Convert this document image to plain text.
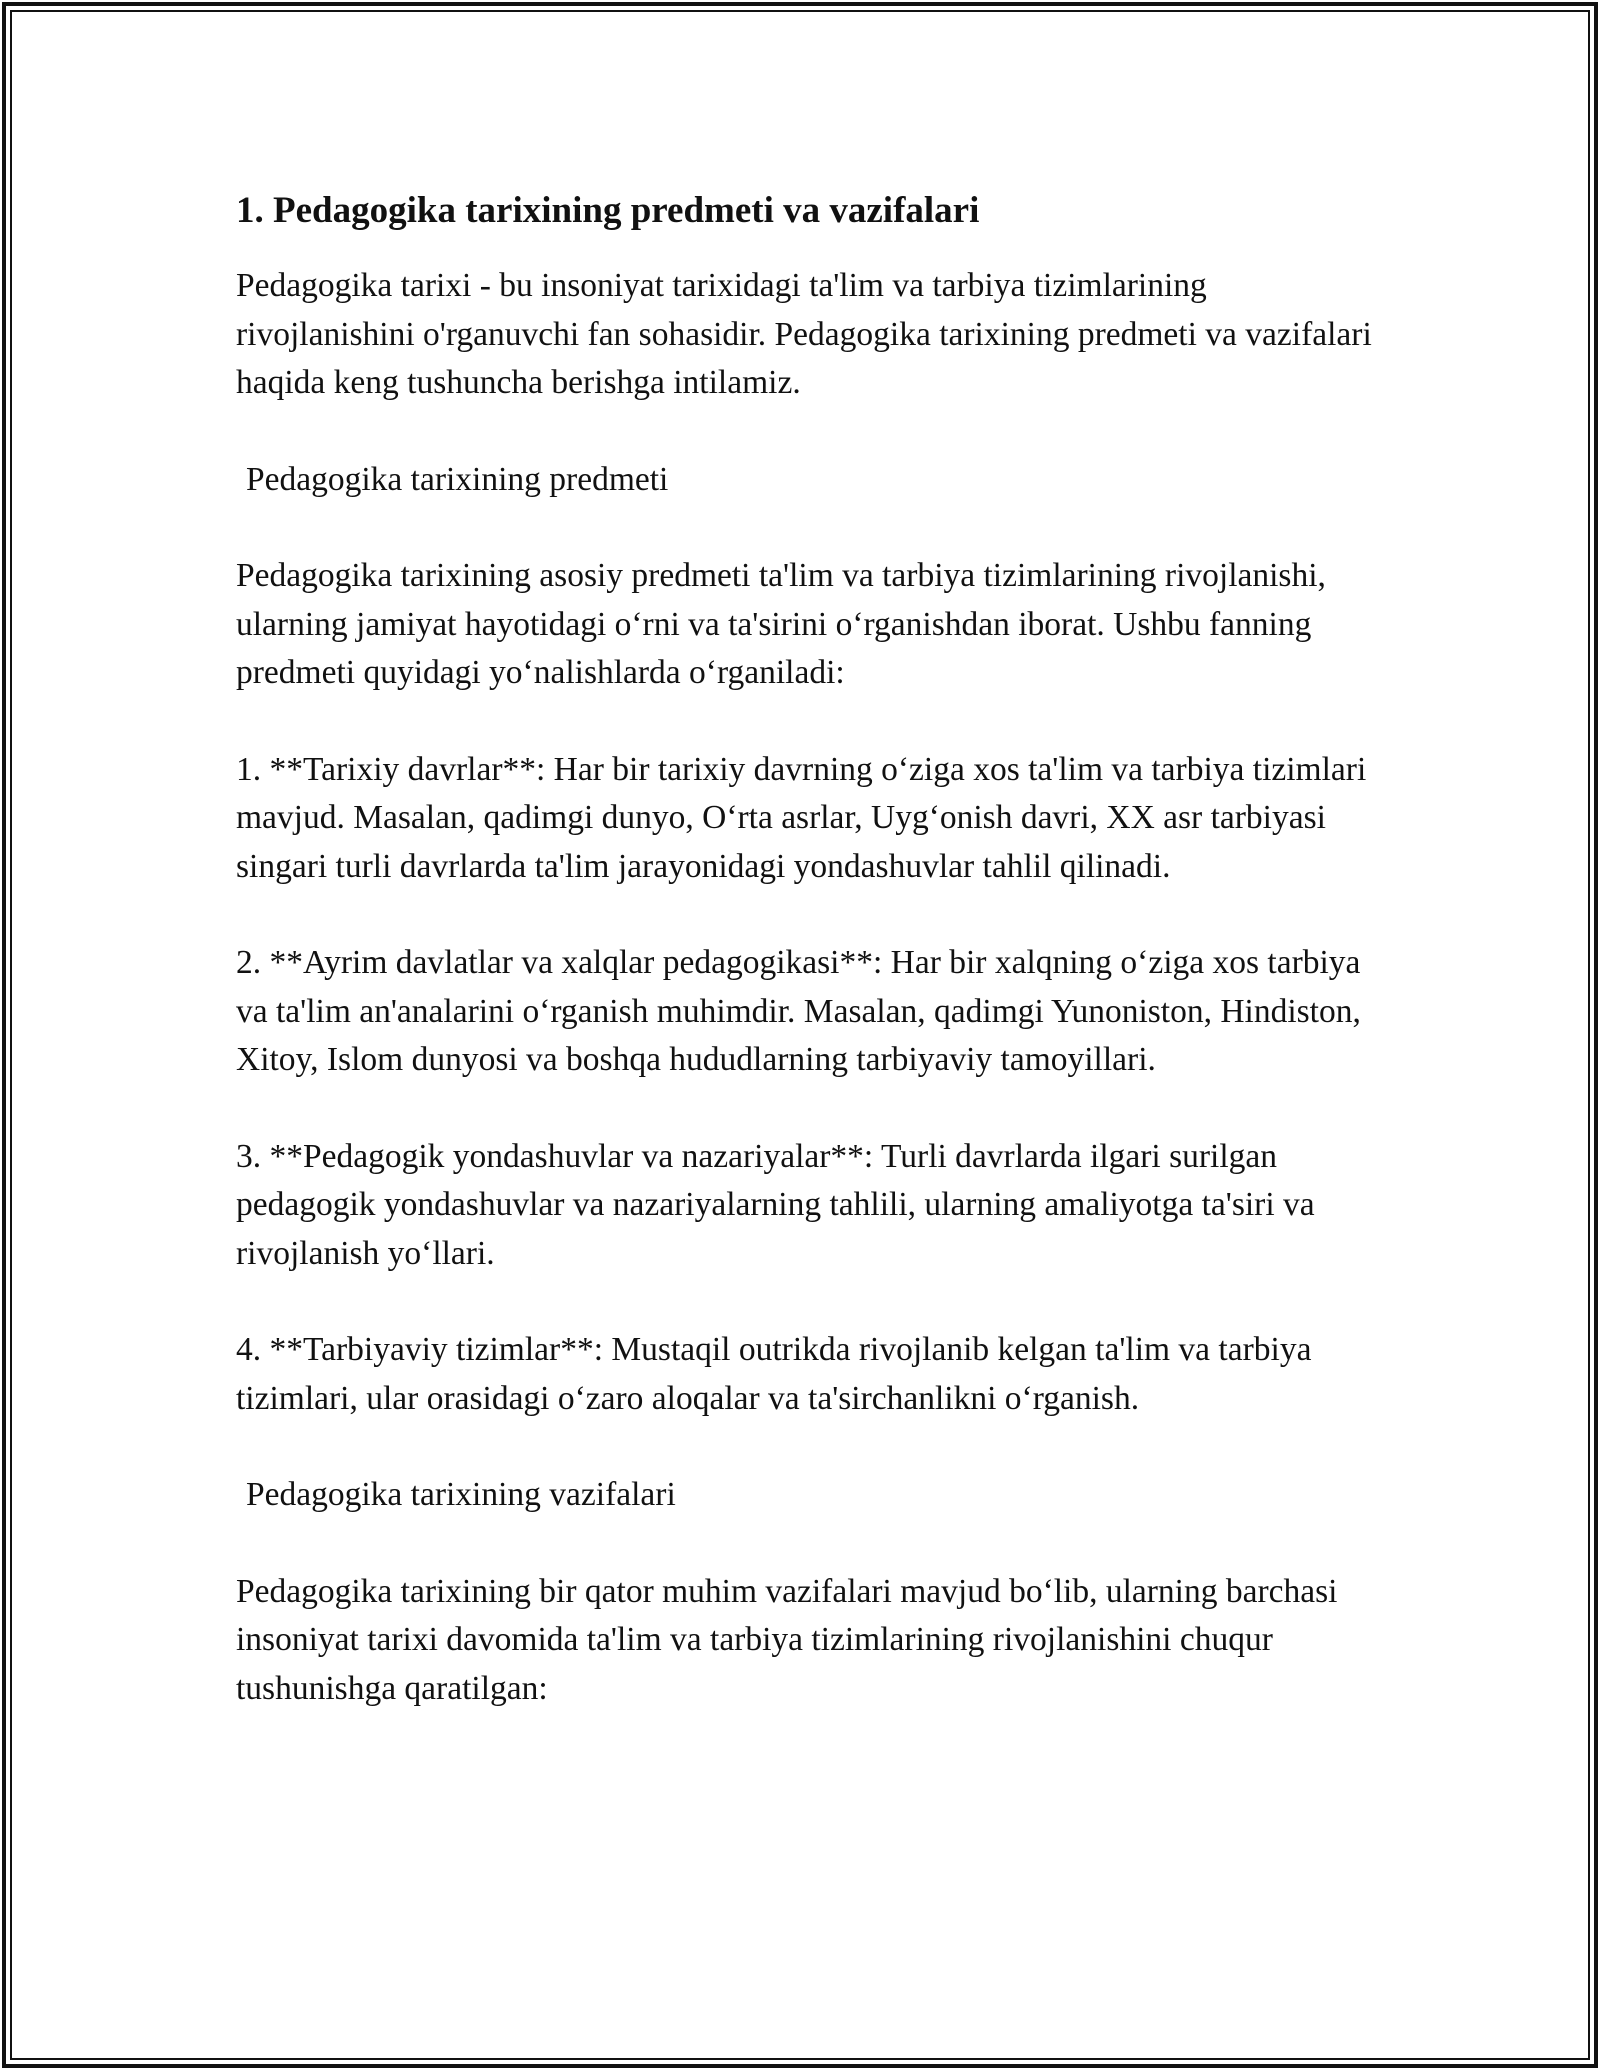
1. Pedagogika tarixining predmeti va vazifalari

Pedagogika tarixi - bu insoniyat tarixidagi ta'lim va tarbiya tizimlarining rivojlanishini o'rganuvchi fan sohasidir. Pedagogika tarixining predmeti va vazifalari haqida keng tushuncha berishga intilamiz.

Pedagogika tarixining predmeti

Pedagogika tarixining asosiy predmeti ta'lim va tarbiya tizimlarining rivojlanishi, ularning jamiyat hayotidagi oʻrni va ta'sirini oʻrganishdan iborat. Ushbu fanning predmeti quyidagi yoʻnalishlarda oʻrganiladi:

1. **Tarixiy davrlar**: Har bir tarixiy davrning oʻziga xos ta'lim va tarbiya tizimlari mavjud. Masalan, qadimgi dunyo, Oʻrta asrlar, Uygʻonish davri, XX asr tarbiyasi singari turli davrlarda ta'lim jarayonidagi yondashuvlar tahlil qilinadi.

2. **Ayrim davlatlar va xalqlar pedagogikasi**: Har bir xalqning oʻziga xos tarbiya va ta'lim an'analarini oʻrganish muhimdir. Masalan, qadimgi Yunoniston, Hindiston, Xitoy, Islom dunyosi va boshqa hududlarning tarbiyaviy tamoyillari.

3. **Pedagogik yondashuvlar va nazariyalar**: Turli davrlarda ilgari surilgan pedagogik yondashuvlar va nazariyalarning tahlili, ularning amaliyotga ta'siri va rivojlanish yoʻllari.

4. **Tarbiyaviy tizimlar**: Mustaqil outrikda rivojlanib kelgan ta'lim va tarbiya tizimlari, ular orasidagi oʻzaro aloqalar va ta'sirchanlikni oʻrganish.

Pedagogika tarixining vazifalari

Pedagogika tarixining bir qator muhim vazifalari mavjud boʻlib, ularning barchasi insoniyat tarixi davomida ta'lim va tarbiya tizimlarining rivojlanishini chuqur tushunishga qaratilgan:
